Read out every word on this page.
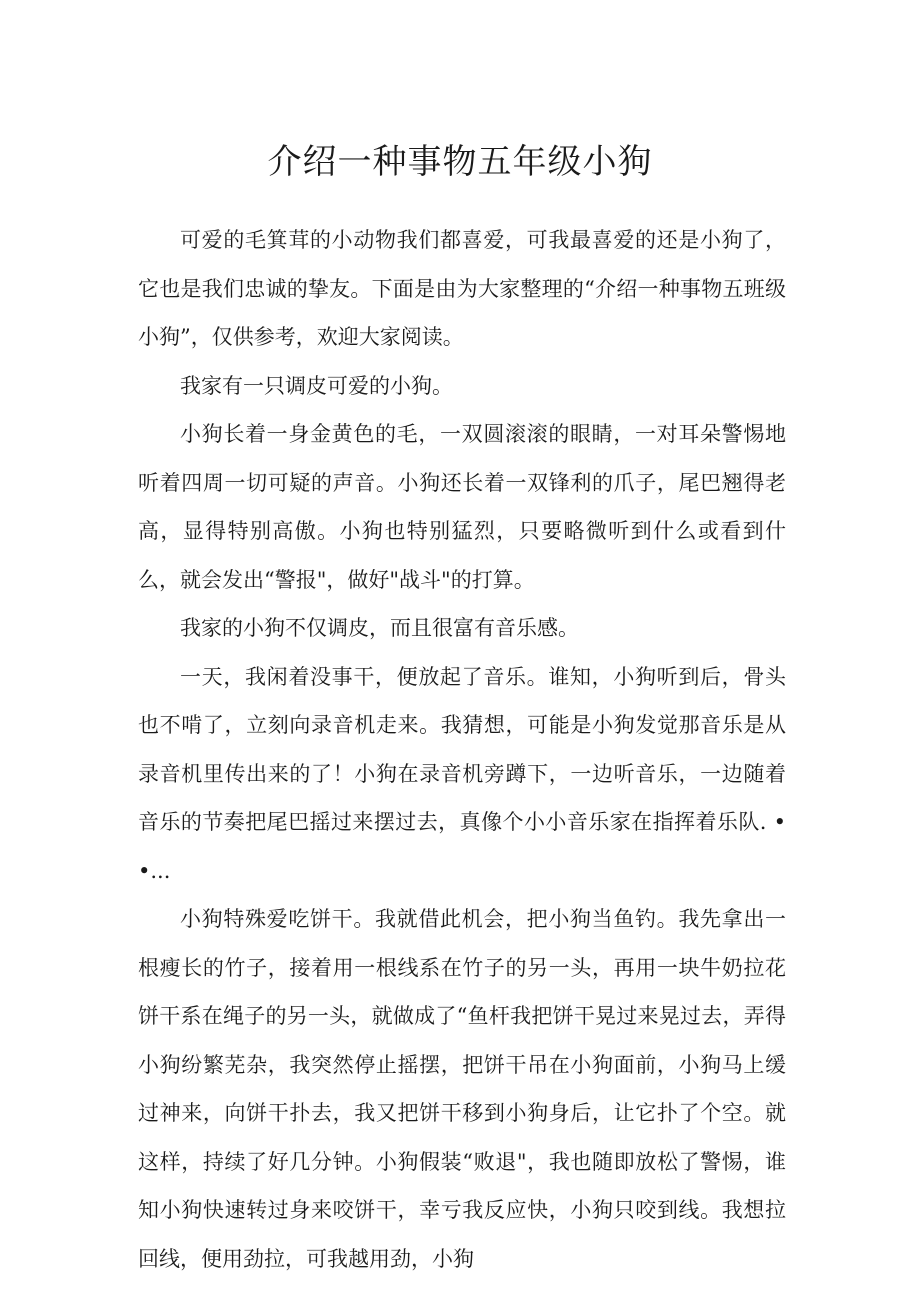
介绍一种事物五年级小狗

可爱的毛箕茸的小动物我们都喜爱，可我最喜爱的还是小狗了，它也是我们忠诚的挚友。下面是由为大家整理的“介绍一种事物五班级小狗”，仅供参考，欢迎大家阅读。

我家有一只调皮可爱的小狗。

小狗长着一身金黄色的毛，一双圆滚滚的眼睛，一对耳朵警惕地听着四周一切可疑的声音。小狗还长着一双锋利的爪子，尾巴翘得老高，显得特别高傲。小狗也特别猛烈，只要略微听到什么或看到什么，就会发出“警报"，做好"战斗"的打算。

我家的小狗不仅调皮，而且很富有音乐感。

一天，我闲着没事干，便放起了音乐。谁知，小狗听到后，骨头也不啃了，立刻向录音机走来。我猜想，可能是小狗发觉那音乐是从录音机里传出来的了！小狗在录音机旁蹲下，一边听音乐，一边随着音乐的节奏把尾巴摇过来摆过去，真像个小小音乐家在指挥着乐队. • •...

小狗特殊爱吃饼干。我就借此机会，把小狗当鱼钓。我先拿出一根瘦长的竹子，接着用一根线系在竹子的另一头，再用一块牛奶拉花饼干系在绳子的另一头，就做成了“鱼杆我把饼干晃过来晃过去，弄得小狗纷繁芜杂，我突然停止摇摆，把饼干吊在小狗面前，小狗马上缓过神来，向饼干扑去，我又把饼干移到小狗身后，让它扑了个空。就这样，持续了好几分钟。小狗假装“败退"，我也随即放松了警惕，谁知小狗快速转过身来咬饼干，幸亏我反应快，小狗只咬到线。我想拉回线，便用劲拉，可我越用劲，小狗
